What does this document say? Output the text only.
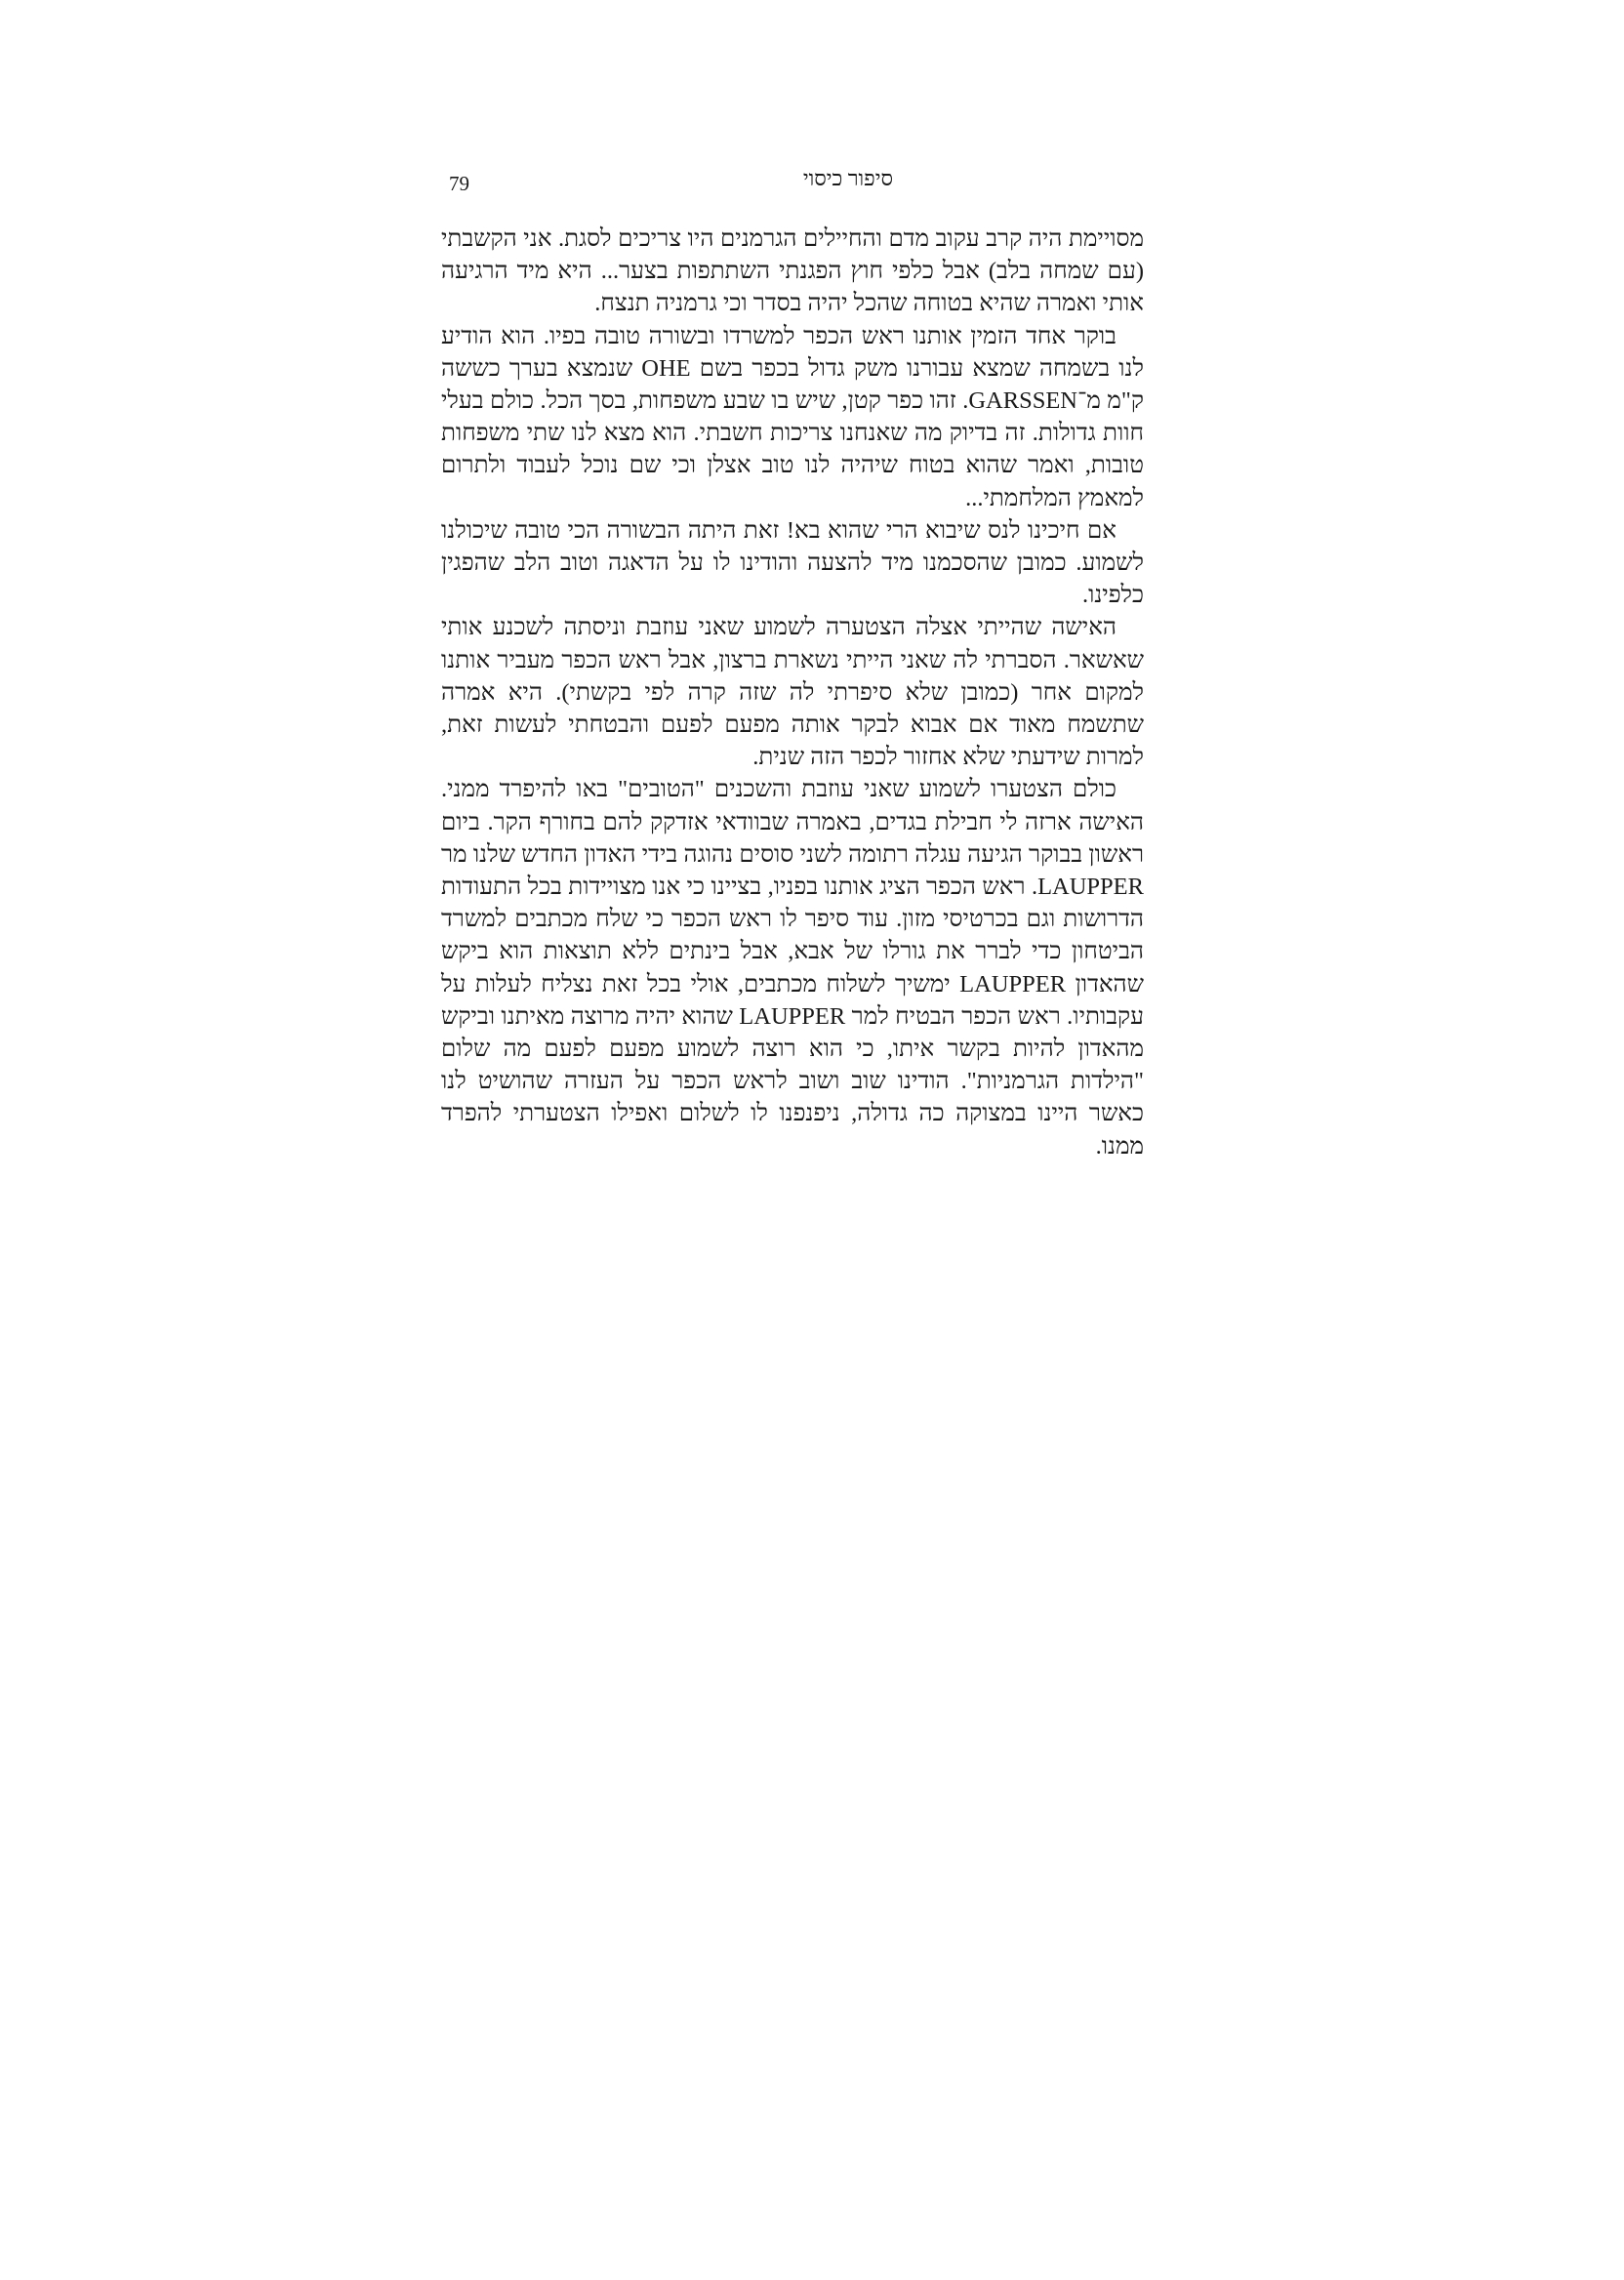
79	סיפור כיסוי

מסויימת היה קרב עקוב מדם והחיילים הגרמנים היו צריכים לסגת. אני הקשבתי (עם שמחה בלב) אבל כלפי חוץ הפגנתי השתתפות בצער... היא מיד הרגיעה אותי ואמרה שהיא בטוחה שהכל יהיה בסדר וכי גרמניה תנצח.

בוקר אחד הזמין אותנו ראש הכפר למשרדו ובשורה טובה בפיו. הוא הודיע לנו בשמחה שמצא עבורנו משק גדול בכפר בשם OHE שנמצא בערך כששה ק"מ מ־GARSSEN. זהו כפר קטן, שיש בו שבע משפחות, בסך הכל. כולם בעלי חוות גדולות. זה בדיוק מה שאנחנו צריכות חשבתי. הוא מצא לנו שתי משפחות טובות, ואמר שהוא בטוח שיהיה לנו טוב אצלן וכי שם נוכל לעבוד ולתרום למאמץ המלחמתי...

אם חיכינו לנס שיבוא הרי שהוא בא! זאת היתה הבשורה הכי טובה שיכולנו לשמוע. כמובן שהסכמנו מיד להצעה והודינו לו על הדאגה וטוב הלב שהפגין כלפינו.

האישה שהייתי אצלה הצטערה לשמוע שאני עוזבת וניסתה לשכנע אותי שאשאר. הסברתי לה שאני הייתי נשארת ברצון, אבל ראש הכפר מעביר אותנו למקום אחר (כמובן שלא סיפרתי לה שזה קרה לפי בקשתי). היא אמרה שתשמח מאוד אם אבוא לבקר אותה מפעם לפעם והבטחתי לעשות זאת, למרות שידעתי שלא אחזור לכפר הזה שנית.

כולם הצטערו לשמוע שאני עוזבת והשכנים "הטובים" באו להיפרד ממני. האישה ארזה לי חבילת בגדים, באמרה שבוודאי אזדקק להם בחורף הקר. ביום ראשון בבוקר הגיעה עגלה רתומה לשני סוסים נהוגה בידי האדון החדש שלנו מר LAUPPER. ראש הכפר הציג אותנו בפניו, בציינו כי אנו מצויידות בכל התעודות הדרושות וגם בכרטיסי מזון. עוד סיפר לו ראש הכפר כי שלח מכתבים למשרד הביטחון כדי לברר את גורלו של אבא, אבל בינתים ללא תוצאות הוא ביקש שהאדון LAUPPER ימשיך לשלוח מכתבים, אולי בכל זאת נצליח לעלות על עקבותיו. ראש הכפר הבטיח למר LAUPPER שהוא יהיה מרוצה מאיתנו וביקש מהאדון להיות בקשר איתו, כי הוא רוצה לשמוע מפעם לפעם מה שלום "הילדות הגרמניות". הודינו שוב ושוב לראש הכפר על העזרה שהושיט לנו כאשר היינו במצוקה כה גדולה, ניפנפנו לו לשלום ואפילו הצטערתי להפרד ממנו.
